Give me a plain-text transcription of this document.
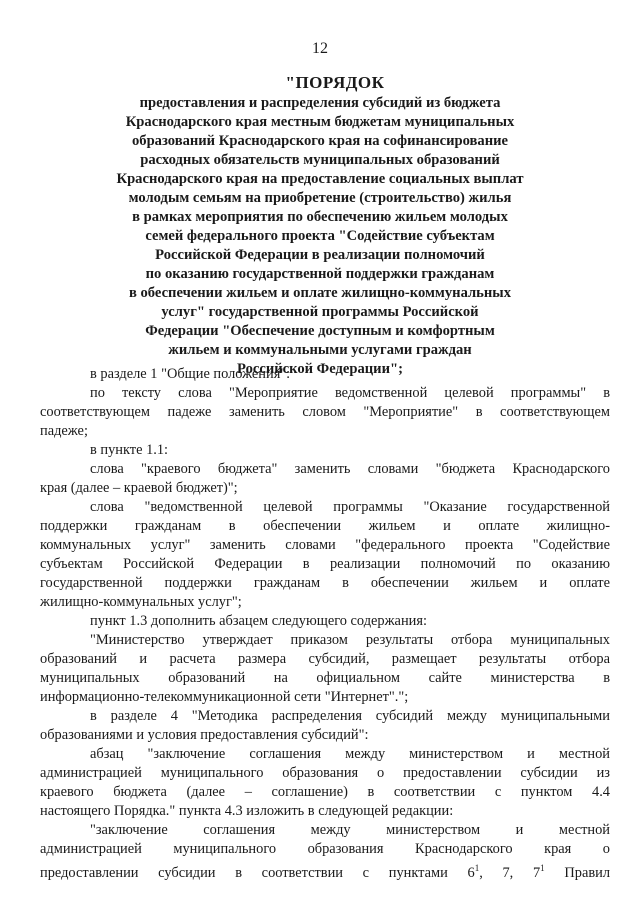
12
"ПОРЯДОК
предоставления и распределения субсидий из бюджета
Краснодарского края местным бюджетам муниципальных
образований Краснодарского края на софинансирование
расходных обязательств муниципальных образований
Краснодарского края на предоставление социальных выплат
молодым семьям на приобретение (строительство) жилья
в рамках мероприятия по обеспечению жильем молодых
семей федерального проекта "Содействие субъектам
Российской Федерации в реализации полномочий
по оказанию государственной поддержки гражданам
в обеспечении жильем и оплате жилищно-коммунальных
услуг" государственной программы Российской
Федерации "Обеспечение доступным и комфортным
жильем и коммунальными услугами граждан
Российской Федерации";
в разделе 1 "Общие положения":
по тексту слова "Мероприятие ведомственной целевой программы" в
соответствующем падеже заменить словом "Мероприятие" в соответствующем
падеже;
в пункте 1.1:
слова "краевого бюджета" заменить словами "бюджета Краснодарского
края (далее – краевой бюджет)";
слова "ведомственной целевой программы "Оказание государственной
поддержки гражданам в обеспечении жильем и оплате жилищно-
коммунальных услуг" заменить словами "федерального проекта "Содействие
субъектам Российской Федерации в реализации полномочий по оказанию
государственной поддержки гражданам в обеспечении жильем и оплате
жилищно-коммунальных услуг";
пункт 1.3 дополнить абзацем следующего содержания:
"Министерство утверждает приказом результаты отбора муниципальных
образований и расчета размера субсидий, размещает результаты отбора
муниципальных образований на официальном сайте министерства в
информационно-телекоммуникационной сети "Интернет".";
в разделе 4 "Методика распределения субсидий между муниципальными
образованиями и условия предоставления субсидий":
абзац "заключение соглашения между министерством и местной
администрацией муниципального образования о предоставлении субсидии из
краевого бюджета (далее – соглашение) в соответствии с пунктом 4.4
настоящего Порядка." пункта 4.3 изложить в следующей редакции:
"заключение соглашения между министерством и местной
администрацией муниципального образования Краснодарского края о
предоставлении субсидии в соответствии с пунктами $6^1$, 7, $7^1$ Правил
